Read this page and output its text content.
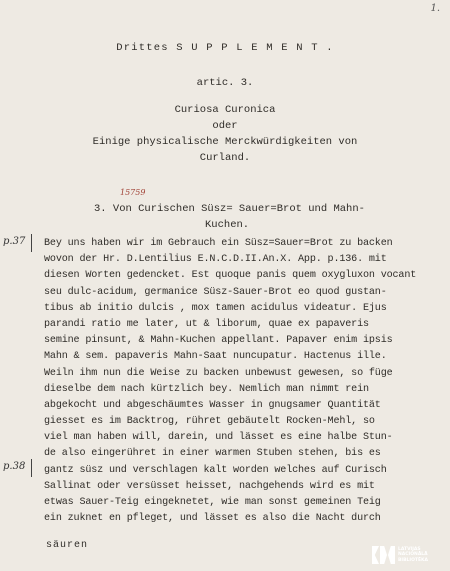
1.
Drittes S U P P L E M E N T .
artic. 3.
Curiosa Curonica
oder
Einige physicalische Merckwürdigkeiten von
Curland.
15759
3. Von Curischen Süsz= Sauer=Brot und Mahn-
Kuchen.
p.37
p.38
Bey uns haben wir im Gebrauch ein Süsz=Sauer=Brot zu backen
wovon der Hr. D.Lentilius E.N.C.D.II.An.X. App. p.136. mit
diesen Worten gedencket. Est quoque panis quem oxygluxon vocant
seu dulc-acidum, germanice Süsz-Sauer-Brot eo quod gustan-
tibus ab initio dulcis , mox tamen acidulus videatur. Ejus
parandi ratio me later, ut & liborum, quae ex papaveris
semine pinsunt, & Mahn-Kuchen appellant. Papaver enim ipsis
Mahn & sem. papaveris Mahn-Saat nuncupatur. Hactenus ille.
Weiln ihm nun die Weise zu backen unbewust gewesen, so füge
dieselbe dem nach kürtzlich bey. Nemlich man nimmt rein
abgekocht und abgeschäumtes Wasser in gnugsamer Quantität
giesset es im Backtrog, rühret gebäutelt Rocken-Mehl, so
viel man haben will, darein, und lässet es eine halbe Stun-
de also eingerühret in einer warmen Stuben stehen, bis es
gantz süsz und verschlagen kalt worden welches auf Curisch
Sallinat oder versüsset heisset, nachgehends wird es mit
etwas Sauer-Teig eingeknetet, wie man sonst gemeinen Teig
ein zuknet en pfleget, und lässet es also die Nacht durch
säuren	LATVIJAS
NACIONĀLĀ
BIBLIOTĒKA
